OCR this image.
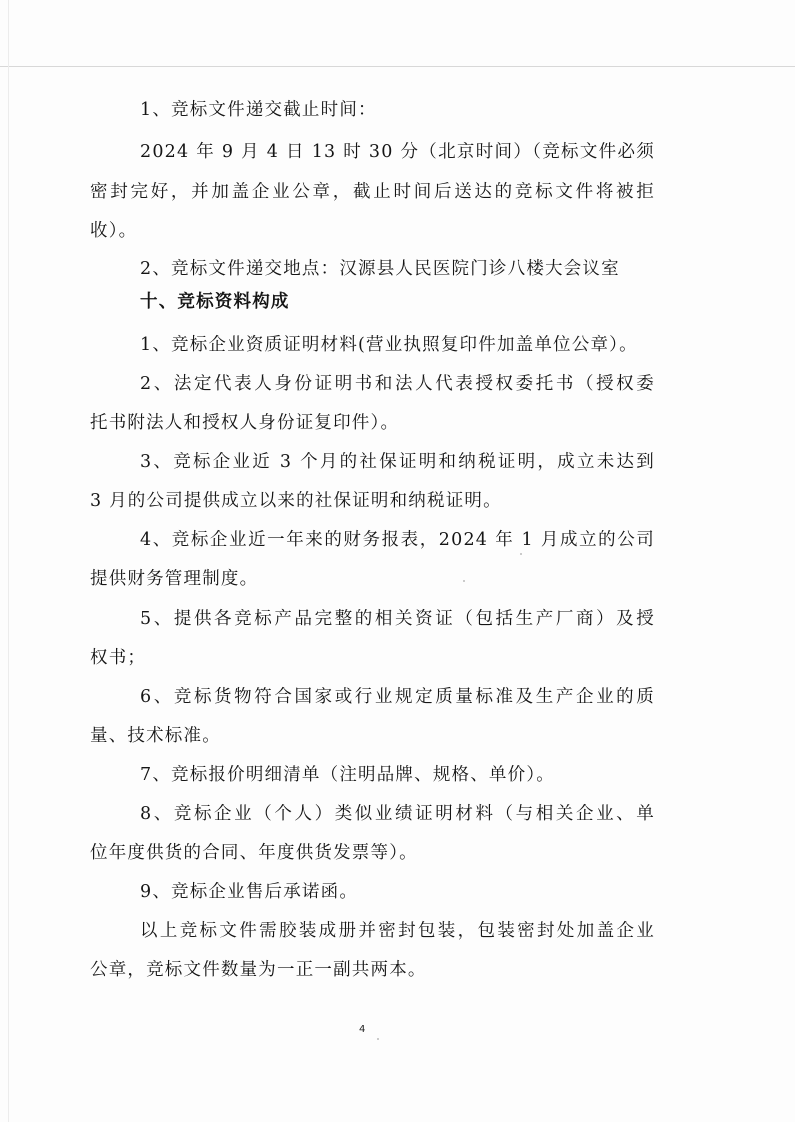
1、竞标文件递交截止时间：
2024 年 9 月 4 日 13 时 30 分（北京时间）（竞标文件必须
密封完好，并加盖企业公章，截止时间后送达的竞标文件将被拒
收）。
2、竞标文件递交地点：汉源县人民医院门诊八楼大会议室
十、竞标资料构成
1、竞标企业资质证明材料(营业执照复印件加盖单位公章）。
2、法定代表人身份证明书和法人代表授权委托书（授权委
托书附法人和授权人身份证复印件）。
3、竞标企业近 3 个月的社保证明和纳税证明，成立未达到
3 月的公司提供成立以来的社保证明和纳税证明。
4、竞标企业近一年来的财务报表，2024 年 1 月成立的公司
提供财务管理制度。
5、提供各竞标产品完整的相关资证（包括生产厂商）及授
权书；
6、竞标货物符合国家或行业规定质量标准及生产企业的质
量、技术标准。
7、竞标报价明细清单（注明品牌、规格、单价）。
8、竞标企业（个人）类似业绩证明材料（与相关企业、单
位年度供货的合同、年度供货发票等）。
9、竞标企业售后承诺函。
以上竞标文件需胶装成册并密封包装，包装密封处加盖企业
公章，竞标文件数量为一正一副共两本。
4
